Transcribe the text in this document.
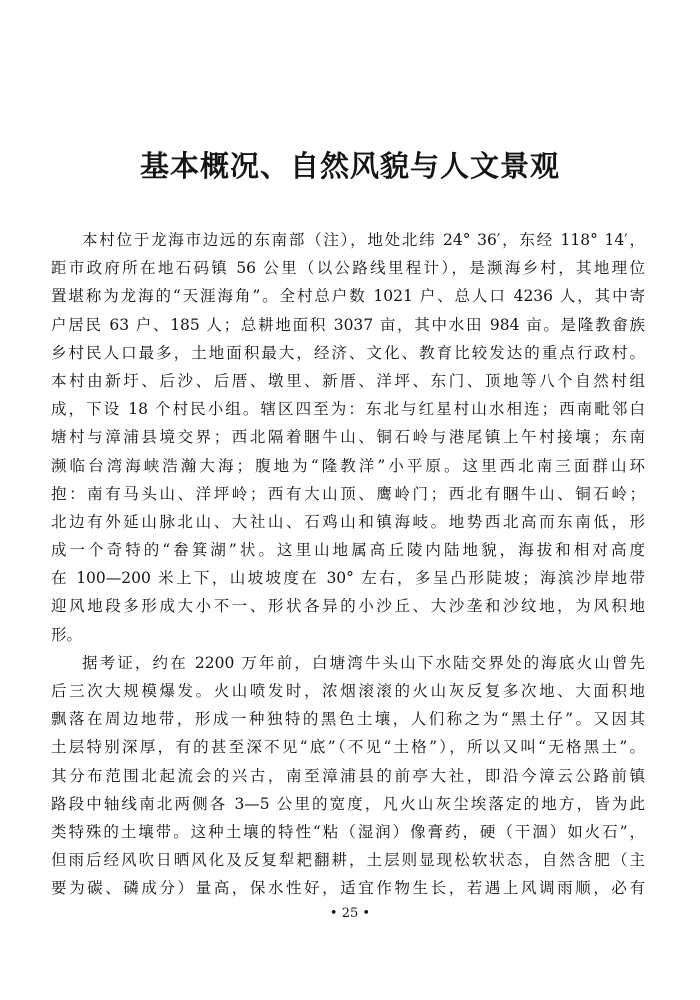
基本概况、自然风貌与人文景观
本村位于龙海市边远的东南部（注），地处北纬 24° 36′，东经 118° 14′，
距市政府所在地石码镇 56 公里（以公路线里程计），是濒海乡村，其地理位
置堪称为龙海的“天涯海角”。全村总户数 1021 户、总人口 4236 人，其中寄
户居民 63 户、185 人；总耕地面积 3037 亩，其中水田 984 亩。是隆教畲族
乡村民人口最多，土地面积最大，经济、文化、教育比较发达的重点行政村。
本村由新圩、后沙、后厝、墩里、新厝、洋坪、东门、顶地等八个自然村组
成，下设 18 个村民小组。辖区四至为：东北与红星村山水相连；西南毗邻白
塘村与漳浦县境交界；西北隔着睏牛山、铜石岭与港尾镇上午村接壤；东南
濒临台湾海峡浩瀚大海；腹地为“隆教洋”小平原。这里西北南三面群山环
抱：南有马头山、洋坪岭；西有大山顶、鹰岭门；西北有睏牛山、铜石岭；
北边有外延山脉北山、大社山、石鸡山和镇海岐。地势西北高而东南低，形
成一个奇特的“畚箕湖”状。这里山地属高丘陵内陆地貌，海拔和相对高度
在 100—200 米上下，山坡坡度在 30° 左右，多呈凸形陡坡；海滨沙岸地带
迎风地段多形成大小不一、形状各异的小沙丘、大沙垄和沙纹地，为风积地
形。
据考证，约在 2200 万年前，白塘湾牛头山下水陆交界处的海底火山曾先
后三次大规模爆发。火山喷发时，浓烟滚滚的火山灰反复多次地、大面积地
飘落在周边地带，形成一种独特的黑色土壤，人们称之为“黑土仔”。又因其
土层特别深厚，有的甚至深不见“底”（不见“土格”），所以又叫“无格黑土”。
其分布范围北起流会的兴古，南至漳浦县的前亭大社，即沿今漳云公路前镇
路段中轴线南北两侧各 3—5 公里的宽度，凡火山灰尘埃落定的地方，皆为此
类特殊的土壤带。这种土壤的特性“粘（湿润）像膏药，硬（干涸）如火石”，
但雨后经风吹日晒风化及反复犁耙翻耕，土层则显现松软状态，自然含肥（主
要为碳、磷成分）量高，保水性好，适宜作物生长，若遇上风调雨顺，必有
• 25 •
